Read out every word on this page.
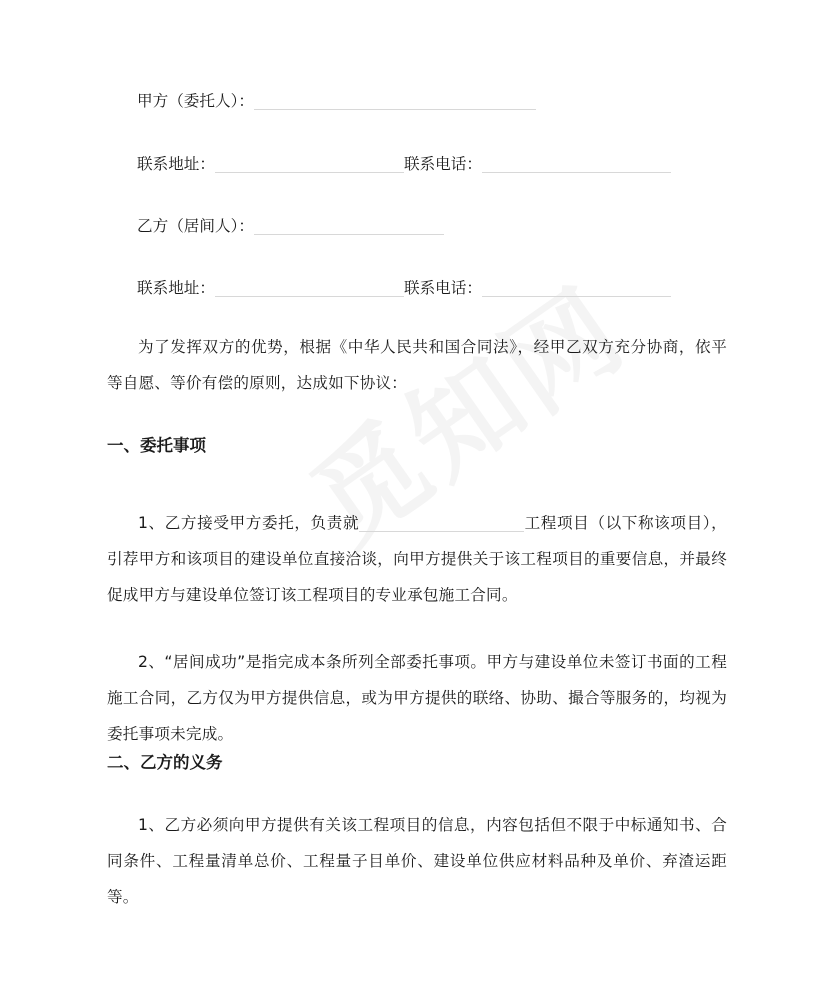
甲方（委托人）：
联系地址：	联系电话：
乙方（居间人）：
联系地址：	联系电话：
为了发挥双方的优势，根据《中华人民共和国合同法》，经甲乙双方充分协商，依平等自愿、等价有偿的原则，达成如下协议：
一、委托事项
1、乙方接受甲方委托，负责就	工程项目（以下称该项目），引荐甲方和该项目的建设单位直接洽谈，向甲方提供关于该工程项目的重要信息，并最终促成甲方与建设单位签订该工程项目的专业承包施工合同。
2、“居间成功”是指完成本条所列全部委托事项。甲方与建设单位未签订书面的工程施工合同，乙方仅为甲方提供信息，或为甲方提供的联络、协助、撮合等服务的，均视为委托事项未完成。
二、乙方的义务
1、乙方必须向甲方提供有关该工程项目的信息，内容包括但不限于中标通知书、合同条件、工程量清单总价、工程量子目单价、建设单位供应材料品种及单价、弃渣运距等。
